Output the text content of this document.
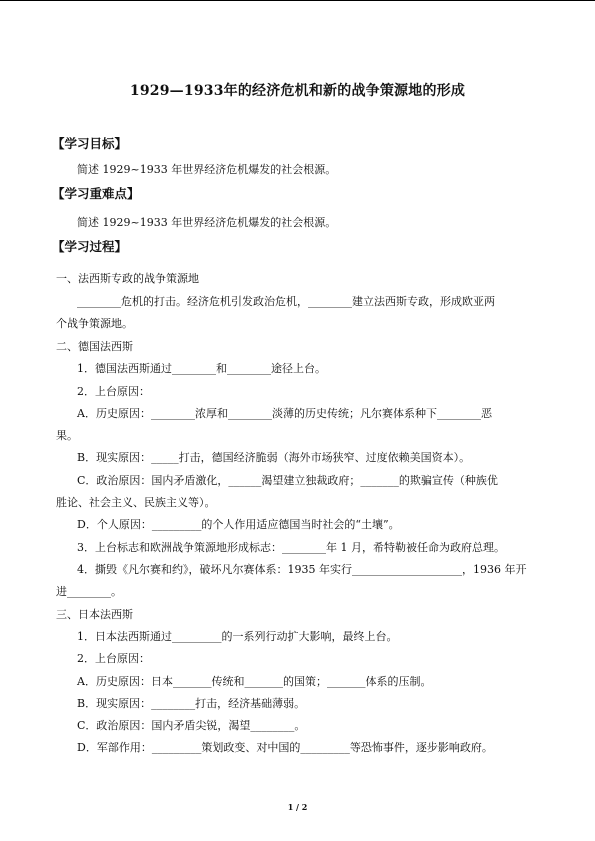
1929—1933年的经济危机和新的战争策源地的形成
【学习目标】
简述 1929~1933 年世界经济危机爆发的社会根源。
【学习重难点】
简述 1929~1933 年世界经济危机爆发的社会根源。
【学习过程】
一、法西斯专政的战争策源地
________危机的打击。经济危机引发政治危机，________建立法西斯专政，形成欧亚两
个战争策源地。
二、德国法西斯
1．德国法西斯通过________和________途径上台。
2．上台原因：
A．历史原因：________浓厚和________淡薄的历史传统；凡尔赛体系种下________恶
果。
B．现实原因：_____打击，德国经济脆弱（海外市场狭窄、过度依赖美国资本）。
C．政治原因：国内矛盾激化，______渴望建立独裁政府；_______的欺骗宣传（种族优
胜论、社会主义、民族主义等）。
D．个人原因：_________的个人作用适应德国当时社会的“土壤”。
3．上台标志和欧洲战争策源地形成标志：________年 1 月，希特勒被任命为政府总理。
4．撕毁《凡尔赛和约》，破坏凡尔赛体系：1935 年实行____________________，1936 年开
进________。
三、日本法西斯
1．日本法西斯通过_________的一系列行动扩大影响，最终上台。
2．上台原因：
A．历史原因：日本_______传统和_______的国策；_______体系的压制。
B．现实原因：________打击，经济基础薄弱。
C．政治原因：国内矛盾尖锐，渴望________。
D．军部作用：_________策划政变、对中国的_________等恐怖事件，逐步影响政府。
1 / 2
